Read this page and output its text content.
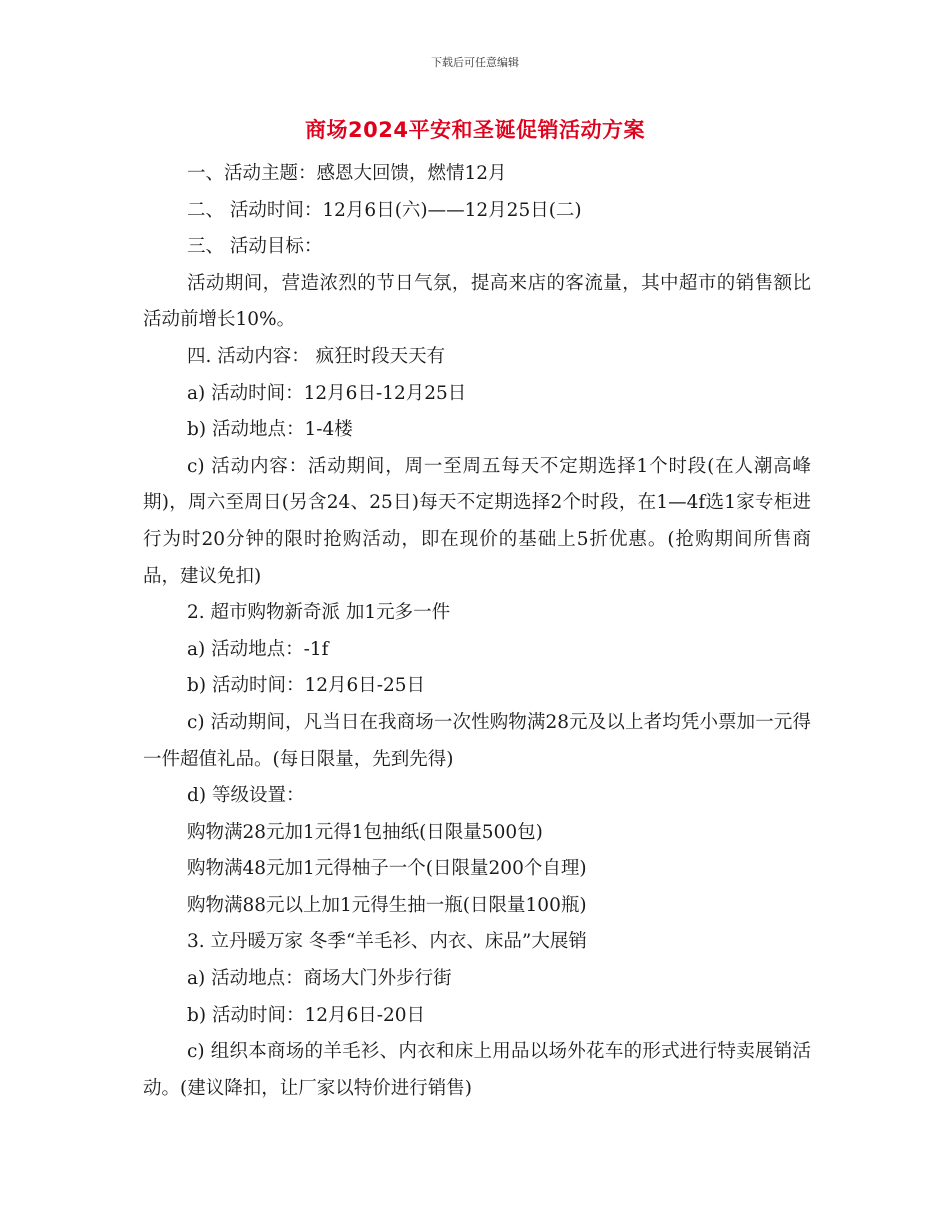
下载后可任意编辑
商场2024平安和圣诞促销活动方案

一、活动主题：感恩大回馈，燃情12月

二、 活动时间：12月6日(六)——12月25日(二)

三、 活动目标：

活动期间，营造浓烈的节日气氛，提高来店的客流量，其中超市的销售额比活动前增长10%。

四. 活动内容： 疯狂时段天天有

a) 活动时间：12月6日-12月25日

b) 活动地点：1-4楼

c) 活动内容：活动期间，周一至周五每天不定期选择1个时段(在人潮高峰期)，周六至周日(另含24、25日)每天不定期选择2个时段，在1—4f选1家专柜进行为时20分钟的限时抢购活动，即在现价的基础上5折优惠。(抢购期间所售商品，建议免扣)

2. 超市购物新奇派 加1元多一件

a) 活动地点：-1f

b) 活动时间：12月6日-25日

c) 活动期间，凡当日在我商场一次性购物满28元及以上者均凭小票加一元得一件超值礼品。(每日限量，先到先得)

d) 等级设置：

购物满28元加1元得1包抽纸(日限量500包)

购物满48元加1元得柚子一个(日限量200个自理)

购物满88元以上加1元得生抽一瓶(日限量100瓶)

3. 立丹暖万家 冬季“羊毛衫、内衣、床品”大展销

a) 活动地点：商场大门外步行街

b) 活动时间：12月6日-20日

c) 组织本商场的羊毛衫、内衣和床上用品以场外花车的形式进行特卖展销活动。(建议降扣，让厂家以特价进行销售)
